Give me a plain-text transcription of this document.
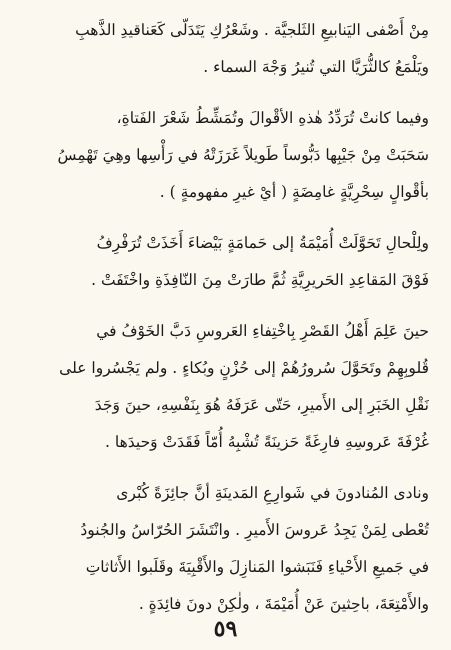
مِنْ أَصْفى اليَنابيعِ الثَلجيَّة . وشَعْرُكِ يَتَدَلّى كَعَناقيدِ الذَّهبِ
ويَلْمَعُ كالثُّرَيَّا التي تُنيرُ وَجْهَ السماء .

وفيما كانتْ تُرَدِّدُ هٰذهِ الأقْوالَ وتُمَشِّطُ شَعْرَ الفَتاةِ،
سَحَبَتْ مِنْ جَيْبِها دَبُّوساً طَويلاً غَرَزَتْهُ في رَأْسِها وهِيَ تَهْمِسُ
بأقْوالٍ سِحْرِيَّةٍ غامِضَةٍ ( أيْ غيرِ مفهومةٍ ) .

ولِلْحالِ تَحَوَّلَتْ أُمَيْمَةُ إلى حَمامَةٍ بَيْضاءَ أَخَذَتْ تُرَفْرِفُ
فَوْقَ المَقاعِدِ الحَريرِيَّةِ ثُمَّ طارَتْ مِنَ النّافِذَةِ واخْتَفَتْ .

حينَ عَلِمَ أَهْلُ القَصْرِ بِاخْتِفاءِ العَروسِ دَبَّ الخَوْفُ في
قُلوبِهِمْ وتَحَوَّلَ سُرورُهُمْ إلى حُزْنٍ وبُكاءٍ . ولم يَجْسُروا على
نَقْلِ الخَبَرِ إلى الأَميرِ، حَتّى عَرَفَهُ هُوَ بِنَفْسِهِ، حينَ وَجَدَ
غُرْفَةَ عَروسِهِ فارِغَةً حَزينَةً تُشْبِهُ أُمّاً فَقَدَتْ وَحيدَها .

ونادى المُنادونَ في شَوارِعِ المَدينَةِ أنَّ جائِزَةً كُبْرى
تُعْطى لِمَنْ يَجِدُ عَروسَ الأَميرِ . وانْتَشَرَ الحُرّاسُ والجُنودُ
في جَميعِ الأَحْياءِ فَنَبَشوا المَنازِلَ والأَقْبِيَةَ وقَلَبوا الأَثاثاتِ
والأَمْتِعَةَ، باحِثينَ عَنْ أُمَيْمَةَ ، ولٰكِنْ دونَ فائِدَةٍ .

٥٩
